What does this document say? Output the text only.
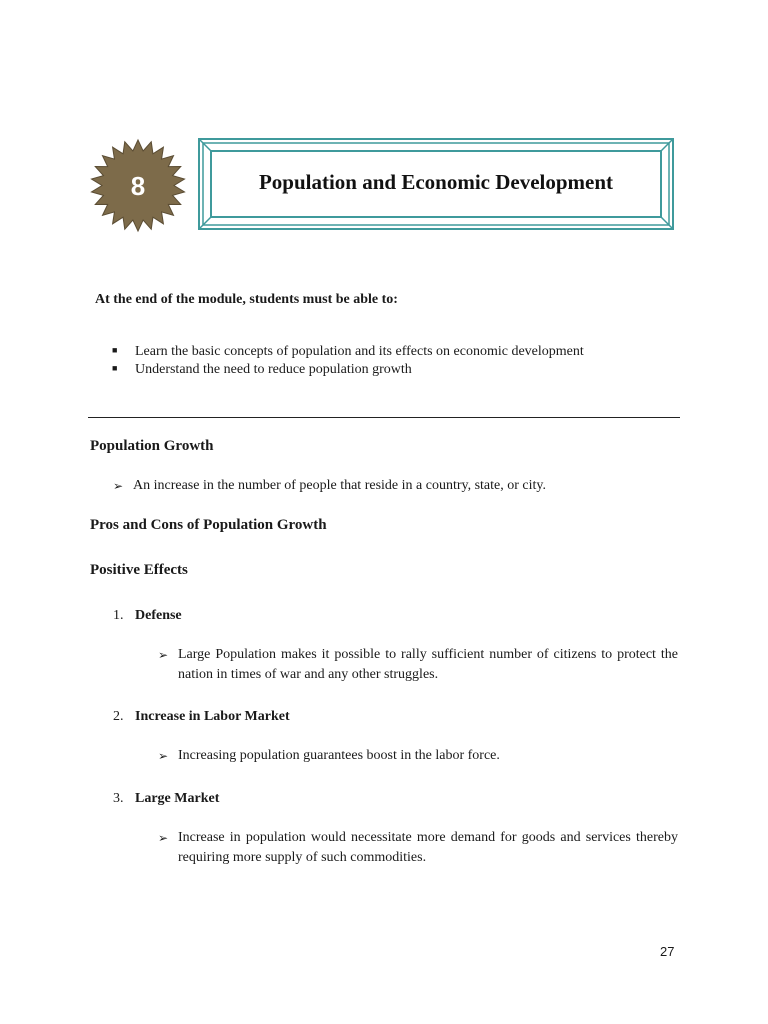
8	Population and Economic Development
At the end of the module, students must be able to:
■ Learn the basic concepts of population and its effects on economic development
■ Understand the need to reduce population growth
Population Growth
➢ An increase in the number of people that reside in a country, state, or city.
Pros and Cons of Population Growth
Positive Effects
1. Defense
➢ Large Population makes it possible to rally sufficient number of citizens to protect the nation in times of war and any other struggles.
2. Increase in Labor Market
➢ Increasing population guarantees boost in the labor force.
3. Large Market
➢ Increase in population would necessitate more demand for goods and services thereby requiring more supply of such commodities.
27
